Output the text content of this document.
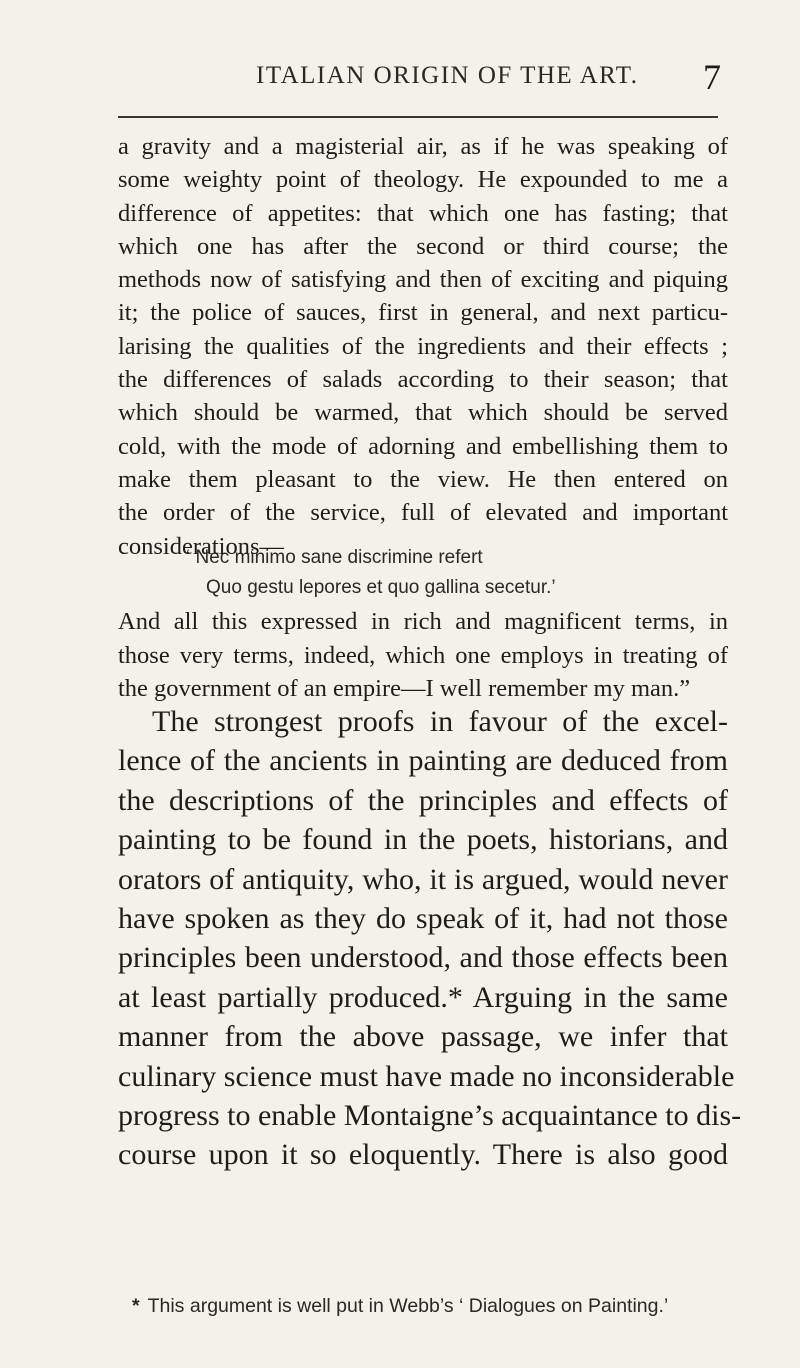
ITALIAN ORIGIN OF THE ART. 7
a gravity and a magisterial air, as if he was speaking of
some weighty point of theology. He expounded to me a
difference of appetites: that which one has fasting; that
which one has after the second or third course; the
methods now of satisfying and then of exciting and piquing
it; the police of sauces, first in general, and next particu-
larising the qualities of the ingredients and their effects ;
the differences of salads according to their season; that
which should be warmed, that which should be served
cold, with the mode of adorning and embellishing them to
make them pleasant to the view. He then entered on
the order of the service, full of elevated and important
considerations—
‘ Nec minimo sane discrimine refert
Quo gestu lepores et quo gallina secetur.’
And all this expressed in rich and magnificent terms, in
those very terms, indeed, which one employs in treating of
the government of an empire—I well remember my man.”
The strongest proofs in favour of the excel-
lence of the ancients in painting are deduced from
the descriptions of the principles and effects of
painting to be found in the poets, historians, and
orators of antiquity, who, it is argued, would never
have spoken as they do speak of it, had not those
principles been understood, and those effects been
at least partially produced.* Arguing in the same
manner from the above passage, we infer that
culinary science must have made no inconsiderable
progress to enable Montaigne’s acquaintance to dis-
course upon it so eloquently. There is also good
* This argument is well put in Webb’s ‘ Dialogues on Painting.’
